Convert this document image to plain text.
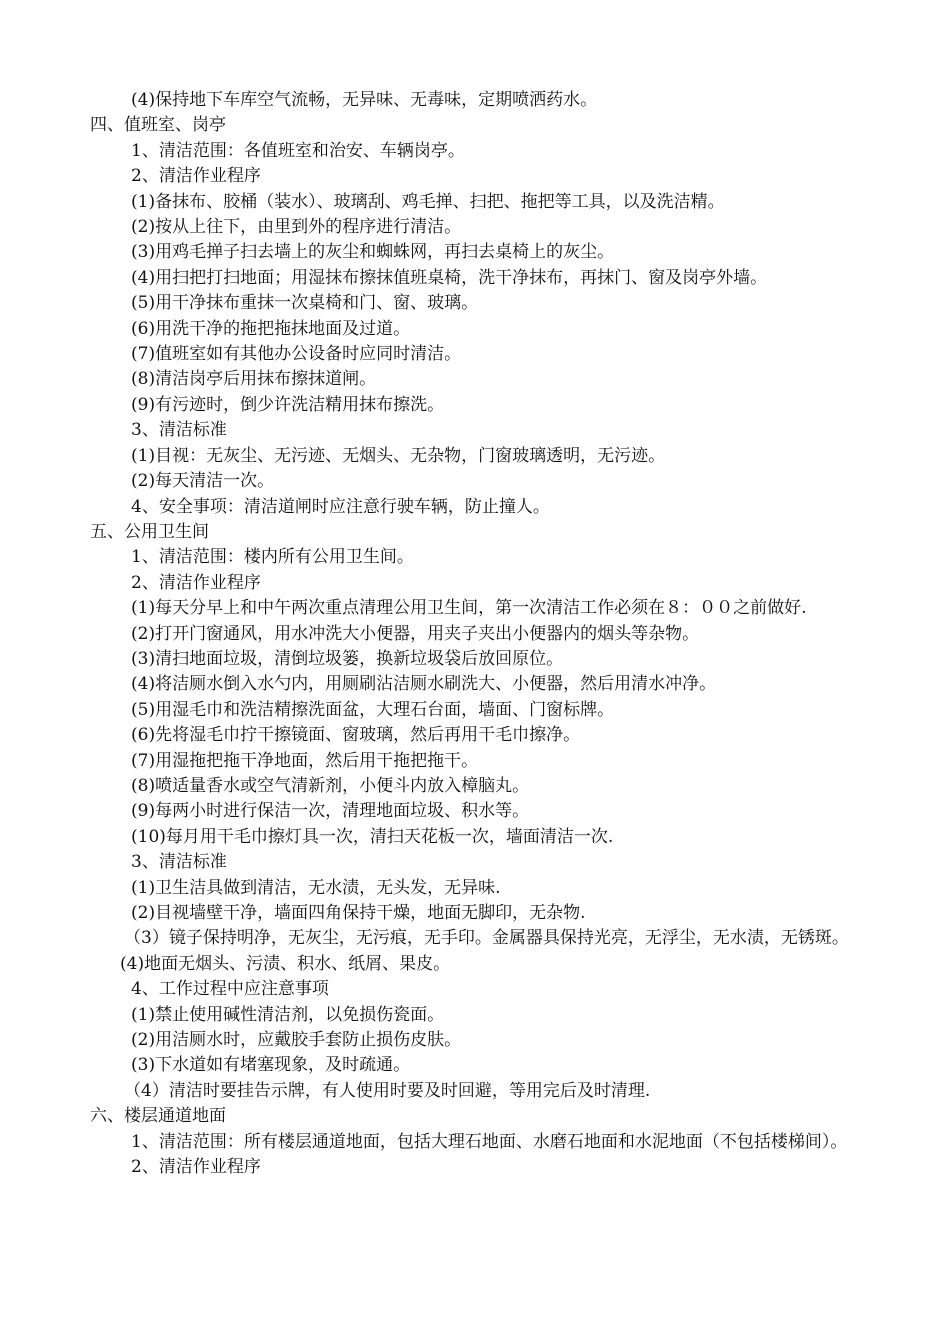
(4)保持地下车库空气流畅，无异味、无毒味，定期喷洒药水。

四、值班室、岗亭

1、清洁范围：各值班室和治安、车辆岗亭。

2、清洁作业程序

(1)备抹布、胶桶（装水）、玻璃刮、鸡毛掸、扫把、拖把等工具，以及洗洁精。

(2)按从上往下，由里到外的程序进行清洁。

(3)用鸡毛掸子扫去墙上的灰尘和蜘蛛网，再扫去桌椅上的灰尘。

(4)用扫把打扫地面；用湿抹布擦抹值班桌椅，洗干净抹布，再抹门、窗及岗亭外墙。

(5)用干净抹布重抹一次桌椅和门、窗、玻璃。

(6)用洗干净的拖把拖抹地面及过道。

(7)值班室如有其他办公设备时应同时清洁。

(8)清洁岗亭后用抹布擦抹道闸。

(9)有污迹时，倒少许洗洁精用抹布擦洗。

3、清洁标准

(1)目视：无灰尘、无污迹、无烟头、无杂物，门窗玻璃透明，无污迹。

(2)每天清洁一次。

4、安全事项：清洁道闸时应注意行驶车辆，防止撞人。

五、公用卫生间

1、清洁范围：楼内所有公用卫生间。

2、清洁作业程序

(1)每天分早上和中午两次重点清理公用卫生间，第一次清洁工作必须在８：００之前做好.

(2)打开门窗通风，用水冲洗大小便器，用夹子夹出小便器内的烟头等杂物。

(3)清扫地面垃圾，清倒垃圾篓，换新垃圾袋后放回原位。

(4)将洁厕水倒入水勺内，用厕刷沾洁厕水刷洗大、小便器，然后用清水冲净。

(5)用湿毛巾和洗洁精擦洗面盆，大理石台面，墙面、门窗标牌。

(6)先将湿毛巾拧干擦镜面、窗玻璃，然后再用干毛巾擦净。

(7)用湿拖把拖干净地面，然后用干拖把拖干。

(8)喷适量香水或空气清新剂，小便斗内放入樟脑丸。

(9)每两小时进行保洁一次，清理地面垃圾、积水等。

(10)每月用干毛巾擦灯具一次，清扫天花板一次，墙面清洁一次.

3、清洁标准

(1)卫生洁具做到清洁，无水渍，无头发，无异味.

(2)目视墙壁干净，墙面四角保持干燥，地面无脚印，无杂物.

（3）镜子保持明净，无灰尘，无污痕，无手印。金属器具保持光亮，无浮尘，无水渍，无锈斑。

(4)地面无烟头、污渍、积水、纸屑、果皮。

4、工作过程中应注意事项

(1)禁止使用碱性清洁剂，以免损伤瓷面。

(2)用洁厕水时，应戴胶手套防止损伤皮肤。

(3)下水道如有堵塞现象，及时疏通。

（4）清洁时要挂告示牌，有人使用时要及时回避，等用完后及时清理.

六、楼层通道地面

1、清洁范围：所有楼层通道地面，包括大理石地面、水磨石地面和水泥地面（不包括楼梯间）。

2、清洁作业程序
